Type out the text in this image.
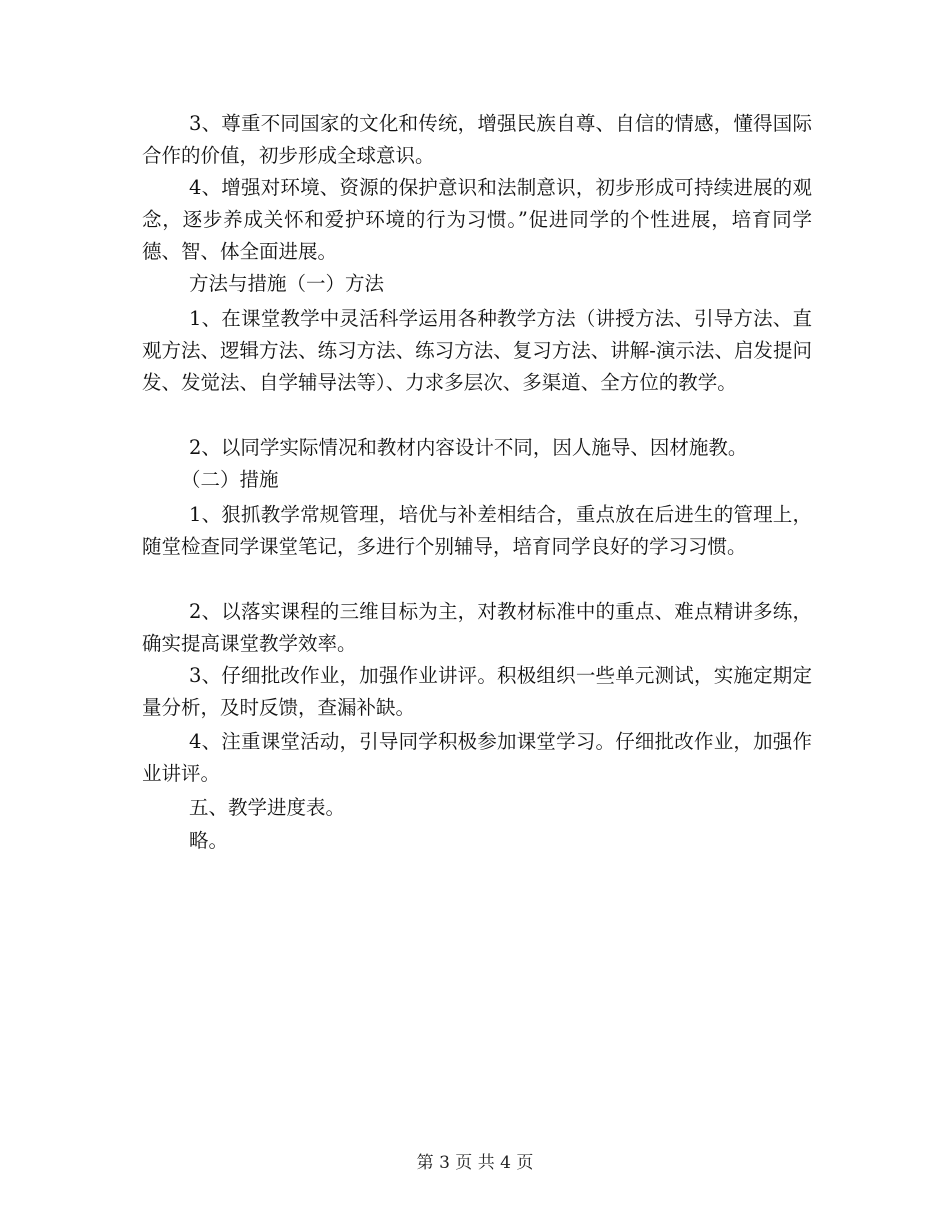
3、尊重不同国家的文化和传统，增强民族自尊、自信的情感，懂得国际合作的价值，初步形成全球意识。

4、增强对环境、资源的保护意识和法制意识，初步形成可持续进展的观念，逐步养成关怀和爱护环境的行为习惯。”促进同学的个性进展，培育同学德、智、体全面进展。

方法与措施（一）方法

1、在课堂教学中灵活科学运用各种教学方法（讲授方法、引导方法、直观方法、逻辑方法、练习方法、练习方法、复习方法、讲解-演示法、启发提问发、发觉法、自学辅导法等）、力求多层次、多渠道、全方位的教学。

2、以同学实际情况和教材内容设计不同，因人施导、因材施教。

（二）措施

1、狠抓教学常规管理，培优与补差相结合，重点放在后进生的管理上，随堂检查同学课堂笔记，多进行个别辅导，培育同学良好的学习习惯。

2、以落实课程的三维目标为主，对教材标准中的重点、难点精讲多练，确实提高课堂教学效率。

3、仔细批改作业，加强作业讲评。积极组织一些单元测试，实施定期定量分析，及时反馈，查漏补缺。

4、注重课堂活动，引导同学积极参加课堂学习。仔细批改作业，加强作业讲评。

五、教学进度表。

略。

第 3 页 共 4 页
